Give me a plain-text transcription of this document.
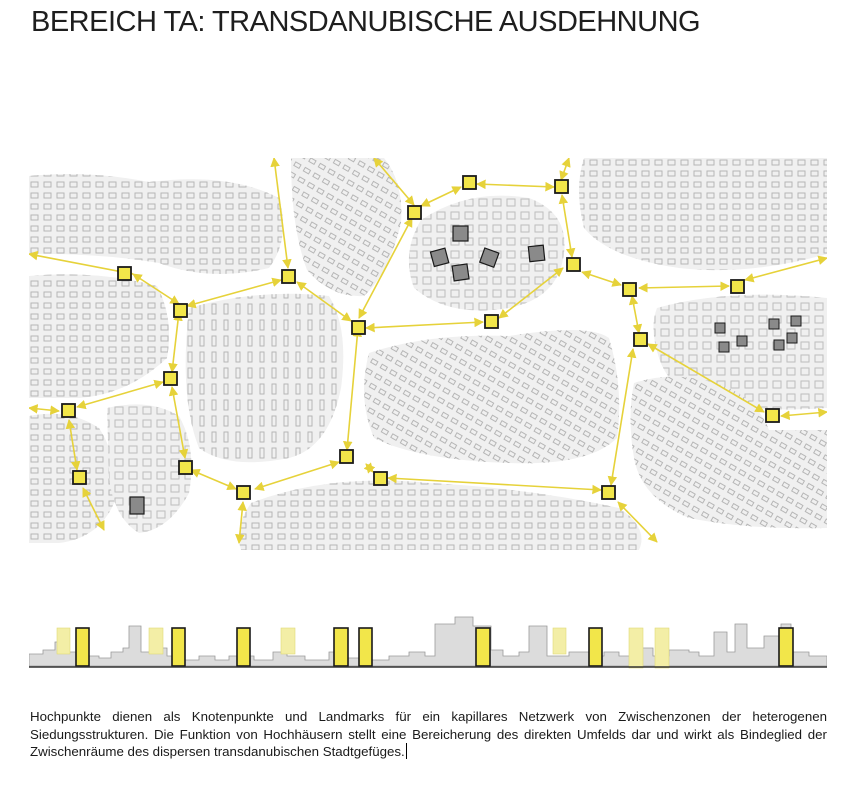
BEREICH TA: TRANSDANUBISCHE AUSDEHNUNG

Hochpunkte dienen als Knotenpunkte und Landmarks für ein kapillares Netzwerk von Zwischenzonen der heterogenen Siedungsstrukturen. Die Funktion von Hochhäusern stellt eine Bereicherung des direkten Umfelds dar und wirkt als Bindeglied der Zwischenräume des dispersen transdanubischen Stadtgefüges.
